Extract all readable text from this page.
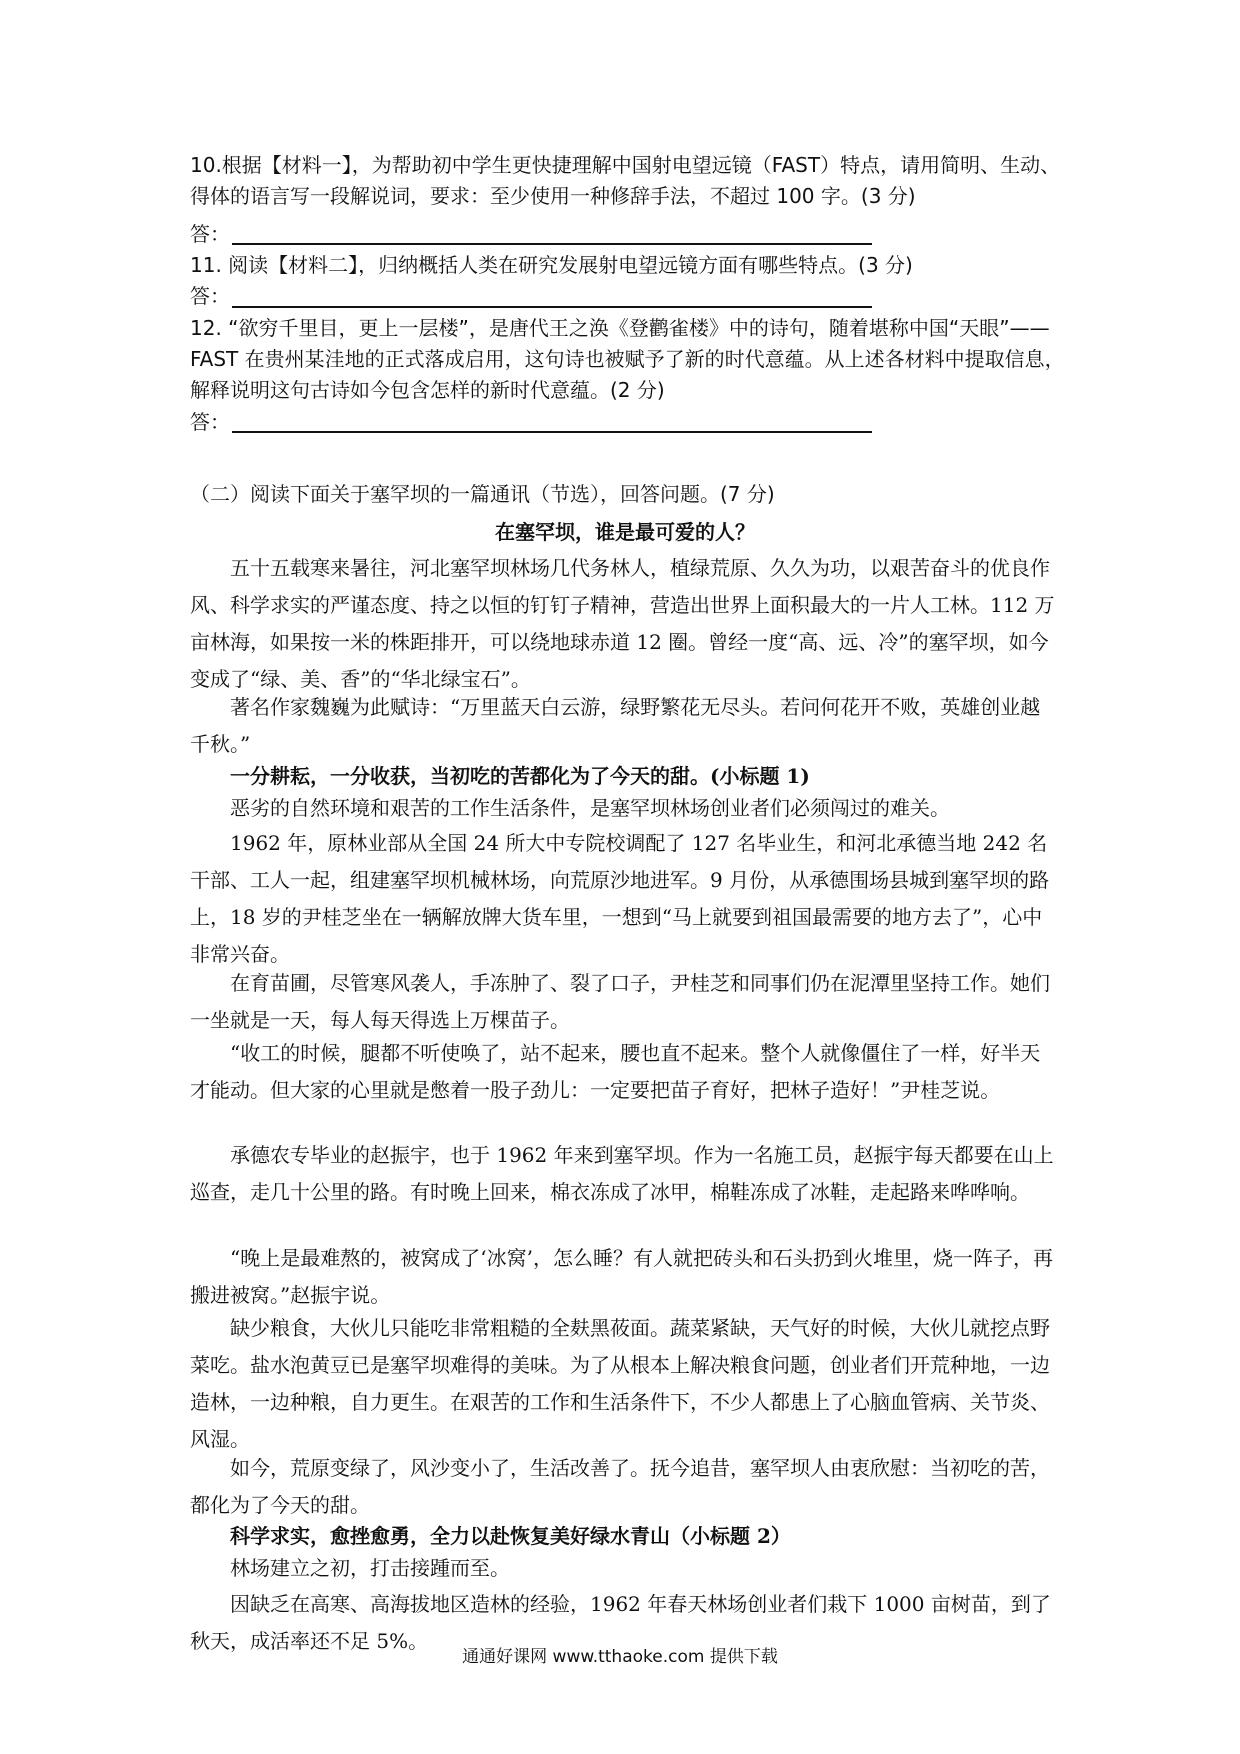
10.根据【材料一】，为帮助初中学生更快捷理解中国射电望远镜（FAST）特点，请用简明、生动、得体的语言写一段解说词，要求：至少使用一种修辞手法，不超过 100 字。(3 分)
答：
11. 阅读【材料二】，归纳概括人类在研究发展射电望远镜方面有哪些特点。(3 分)
答：
12. “欲穷千里目，更上一层楼”，是唐代王之涣《登鹳雀楼》中的诗句，随着堪称中国“天眼”——FAST 在贵州某洼地的正式落成启用，这句诗也被赋予了新的时代意蕴。从上述各材料中提取信息，解释说明这句古诗如今包含怎样的新时代意蕴。(2 分)
答：
（二）阅读下面关于塞罕坝的一篇通讯（节选），回答问题。(7 分)
在塞罕坝，谁是最可爱的人？
五十五载寒来暑往，河北塞罕坝林场几代务林人，植绿荒原、久久为功，以艰苦奋斗的优良作风、科学求实的严谨态度、持之以恒的钉钉子精神，营造出世界上面积最大的一片人工林。112 万亩林海，如果按一米的株距排开，可以绕地球赤道 12 圈。曾经一度“高、远、冷”的塞罕坝，如今变成了“绿、美、香”的“华北绿宝石”。
著名作家魏巍为此赋诗：“万里蓝天白云游，绿野繁花无尽头。若问何花开不败，英雄创业越千秋。”
一分耕耘，一分收获，当初吃的苦都化为了今天的甜。(小标题 1)
恶劣的自然环境和艰苦的工作生活条件，是塞罕坝林场创业者们必须闯过的难关。
1962 年，原林业部从全国 24 所大中专院校调配了 127 名毕业生，和河北承德当地 242 名干部、工人一起，组建塞罕坝机械林场，向荒原沙地进军。9 月份，从承德围场县城到塞罕坝的路上，18 岁的尹桂芝坐在一辆解放牌大货车里，一想到“马上就要到祖国最需要的地方去了”，心中非常兴奋。
在育苗圃，尽管寒风袭人，手冻肿了、裂了口子，尹桂芝和同事们仍在泥潭里坚持工作。她们一坐就是一天，每人每天得选上万棵苗子。
“收工的时候，腿都不听使唤了，站不起来，腰也直不起来。整个人就像僵住了一样，好半天才能动。但大家的心里就是憋着一股子劲儿：一定要把苗子育好，把林子造好！”尹桂芝说。
承德农专毕业的赵振宇，也于 1962 年来到塞罕坝。作为一名施工员，赵振宇每天都要在山上巡查，走几十公里的路。有时晚上回来，棉衣冻成了冰甲，棉鞋冻成了冰鞋，走起路来哗哗响。
“晚上是最难熬的，被窝成了‘冰窝’，怎么睡？有人就把砖头和石头扔到火堆里，烧一阵子，再搬进被窝。”赵振宇说。
缺少粮食，大伙儿只能吃非常粗糙的全麸黑莜面。蔬菜紧缺，天气好的时候，大伙儿就挖点野菜吃。盐水泡黄豆已是塞罕坝难得的美味。为了从根本上解决粮食问题，创业者们开荒种地，一边造林，一边种粮，自力更生。在艰苦的工作和生活条件下，不少人都患上了心脑血管病、关节炎、风湿。
如今，荒原变绿了，风沙变小了，生活改善了。抚今追昔，塞罕坝人由衷欣慰：当初吃的苦，都化为了今天的甜。
科学求实，愈挫愈勇，全力以赴恢复美好绿水青山（小标题 2）
林场建立之初，打击接踵而至。
因缺乏在高寒、高海拔地区造林的经验，1962 年春天林场创业者们栽下 1000 亩树苗，到了秋天，成活率还不足 5%。
通通好课网 www.tthaoke.com 提供下载
